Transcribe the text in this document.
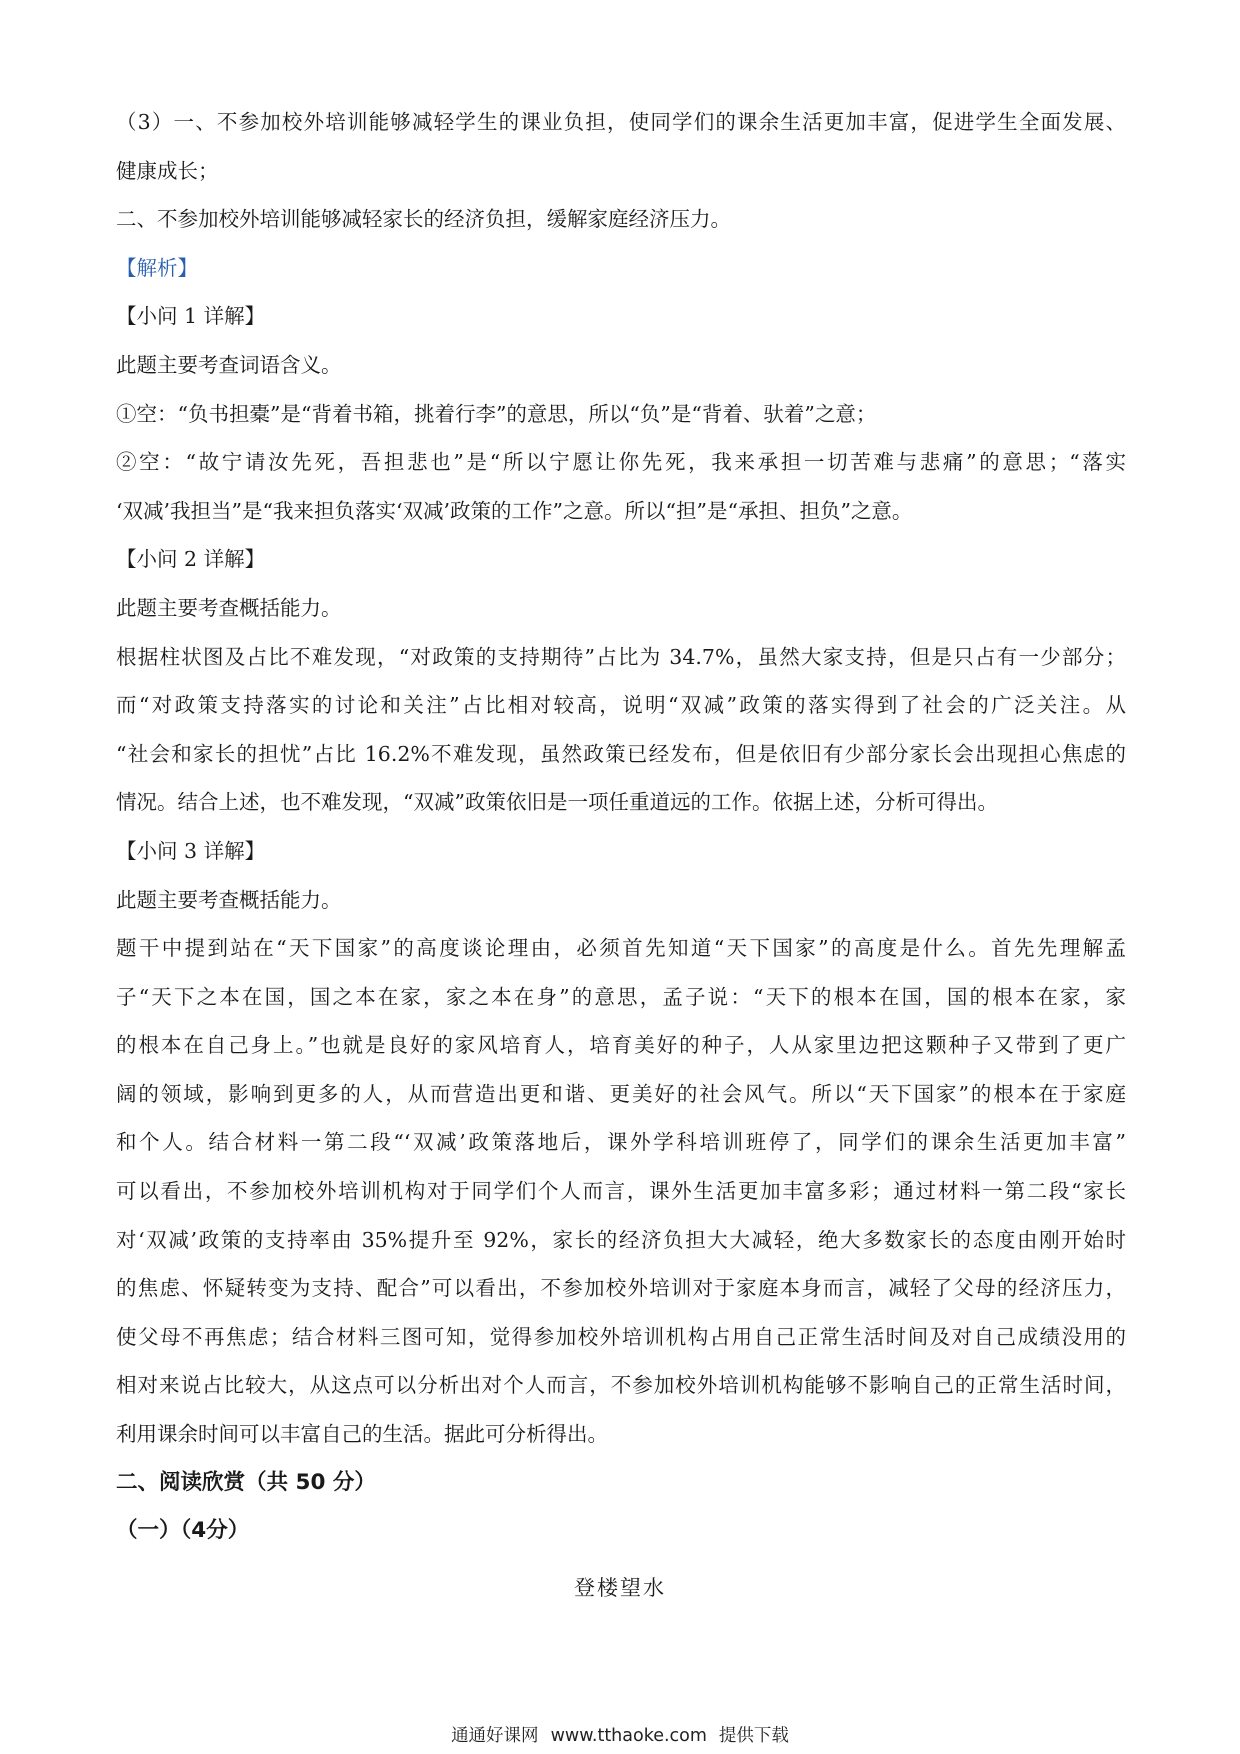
（3）一、不参加校外培训能够减轻学生的课业负担，使同学们的课余生活更加丰富，促进学生全面发展、

健康成长；

二、不参加校外培训能够减轻家长的经济负担，缓解家庭经济压力。

【解析】

【小问 1 详解】

此题主要考查词语含义。

①空：“负书担橐”是“背着书箱，挑着行李”的意思，所以“负”是“背着、驮着”之意；

②空：“故宁请汝先死，吾担悲也”是“所以宁愿让你先死，我来承担一切苦难与悲痛”的意思；“落实

‘双减’我担当”是“我来担负落实‘双减’政策的工作”之意。所以“担”是“承担、担负”之意。

【小问 2 详解】

此题主要考查概括能力。

根据柱状图及占比不难发现，“对政策的支持期待”占比为 34.7%，虽然大家支持，但是只占有一少部分；

而“对政策支持落实的讨论和关注”占比相对较高，说明“双减”政策的落实得到了社会的广泛关注。从

“社会和家长的担忧”占比 16.2%不难发现，虽然政策已经发布，但是依旧有少部分家长会出现担心焦虑的

情况。结合上述，也不难发现，“双减”政策依旧是一项任重道远的工作。依据上述，分析可得出。

【小问 3 详解】

此题主要考查概括能力。

题干中提到站在“天下国家”的高度谈论理由，必须首先知道“天下国家”的高度是什么。首先先理解孟

子“天下之本在国，国之本在家，家之本在身”的意思，孟子说：“天下的根本在国，国的根本在家，家

的根本在自己身上。”也就是良好的家风培育人，培育美好的种子，人从家里边把这颗种子又带到了更广

阔的领域，影响到更多的人，从而营造出更和谐、更美好的社会风气。所以“天下国家”的根本在于家庭

和个人。结合材料一第二段“‘双减’政策落地后，课外学科培训班停了，同学们的课余生活更加丰富”

可以看出，不参加校外培训机构对于同学们个人而言，课外生活更加丰富多彩；通过材料一第二段“家长

对‘双减’政策的支持率由 35%提升至 92%，家长的经济负担大大减轻，绝大多数家长的态度由刚开始时

的焦虑、怀疑转变为支持、配合”可以看出，不参加校外培训对于家庭本身而言，减轻了父母的经济压力，

使父母不再焦虑；结合材料三图可知，觉得参加校外培训机构占用自己正常生活时间及对自己成绩没用的

相对来说占比较大，从这点可以分析出对个人而言，不参加校外培训机构能够不影响自己的正常生活时间，

利用课余时间可以丰富自己的生活。据此可分析得出。

二、阅读欣赏（共 50 分）

（一）（4分）

登楼望水
通通好课网 www.tthaoke.com 提供下载
